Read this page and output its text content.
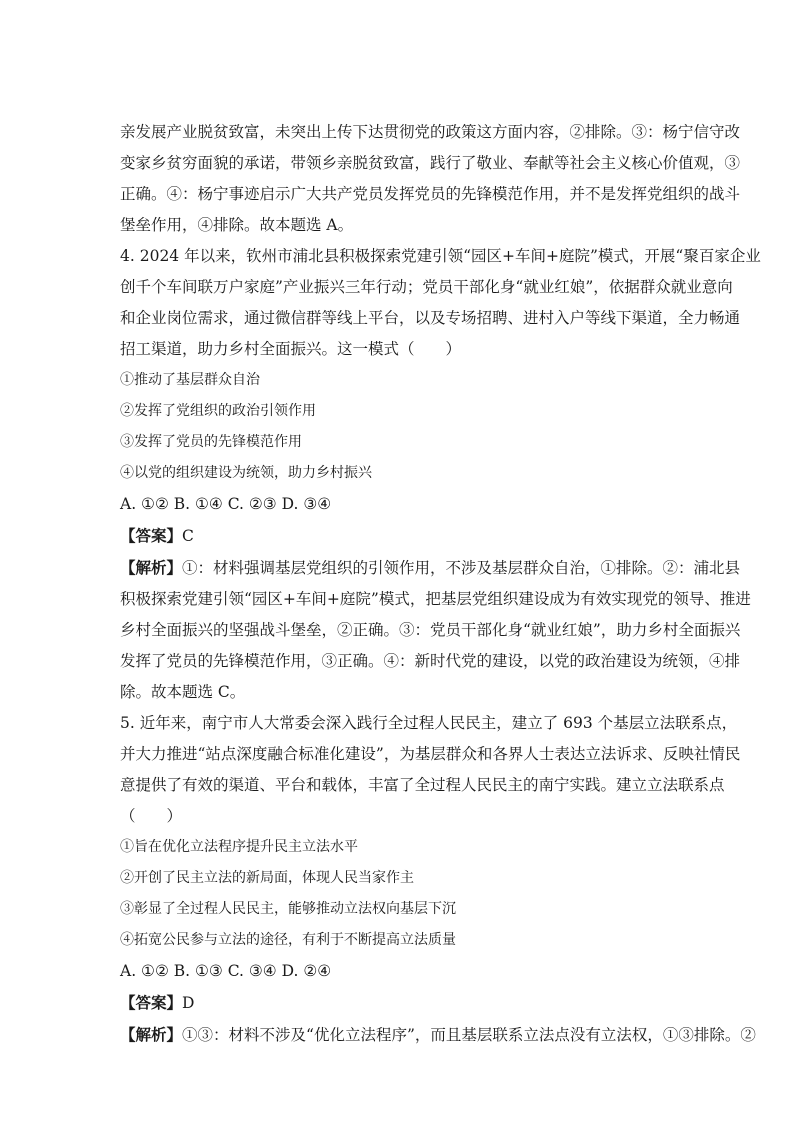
亲发展产业脱贫致富，未突出上传下达贯彻党的政策这方面内容，②排除。③：杨宁信守改
变家乡贫穷面貌的承诺，带领乡亲脱贫致富，践行了敬业、奉献等社会主义核心价值观，③
正确。④：杨宁事迹启示广大共产党员发挥党员的先锋模范作用，并不是发挥党组织的战斗
堡垒作用，④排除。故本题选 A。
4. 2024 年以来，钦州市浦北县积极探索党建引领“园区+车间+庭院”模式，开展“聚百家企业
创千个车间联万户家庭”产业振兴三年行动；党员干部化身“就业红娘”，依据群众就业意向
和企业岗位需求，通过微信群等线上平台，以及专场招聘、进村入户等线下渠道，全力畅通
招工渠道，助力乡村全面振兴。这一模式（　　）
①推动了基层群众自治
②发挥了党组织的政治引领作用
③发挥了党员的先锋模范作用
④以党的组织建设为统领，助力乡村振兴
A. ①② B. ①④ C. ②③ D. ③④
【答案】C
【解析】①：材料强调基层党组织的引领作用，不涉及基层群众自治，①排除。②：浦北县
积极探索党建引领“园区+车间+庭院”模式，把基层党组织建设成为有效实现党的领导、推进
乡村全面振兴的坚强战斗堡垒，②正确。③：党员干部化身“就业红娘”，助力乡村全面振兴
发挥了党员的先锋模范作用，③正确。④：新时代党的建设，以党的政治建设为统领，④排
除。故本题选 C。
5. 近年来，南宁市人大常委会深入践行全过程人民民主，建立了 693 个基层立法联系点，
并大力推进“站点深度融合标准化建设”，为基层群众和各界人士表达立法诉求、反映社情民
意提供了有效的渠道、平台和载体，丰富了全过程人民民主的南宁实践。建立立法联系点
（　　）
①旨在优化立法程序提升民主立法水平
②开创了民主立法的新局面，体现人民当家作主
③彰显了全过程人民民主，能够推动立法权向基层下沉
④拓宽公民参与立法的途径，有利于不断提高立法质量
A. ①② B. ①③ C. ③④ D. ②④
【答案】D
【解析】①③：材料不涉及“优化立法程序”，而且基层联系立法点没有立法权，①③排除。②
